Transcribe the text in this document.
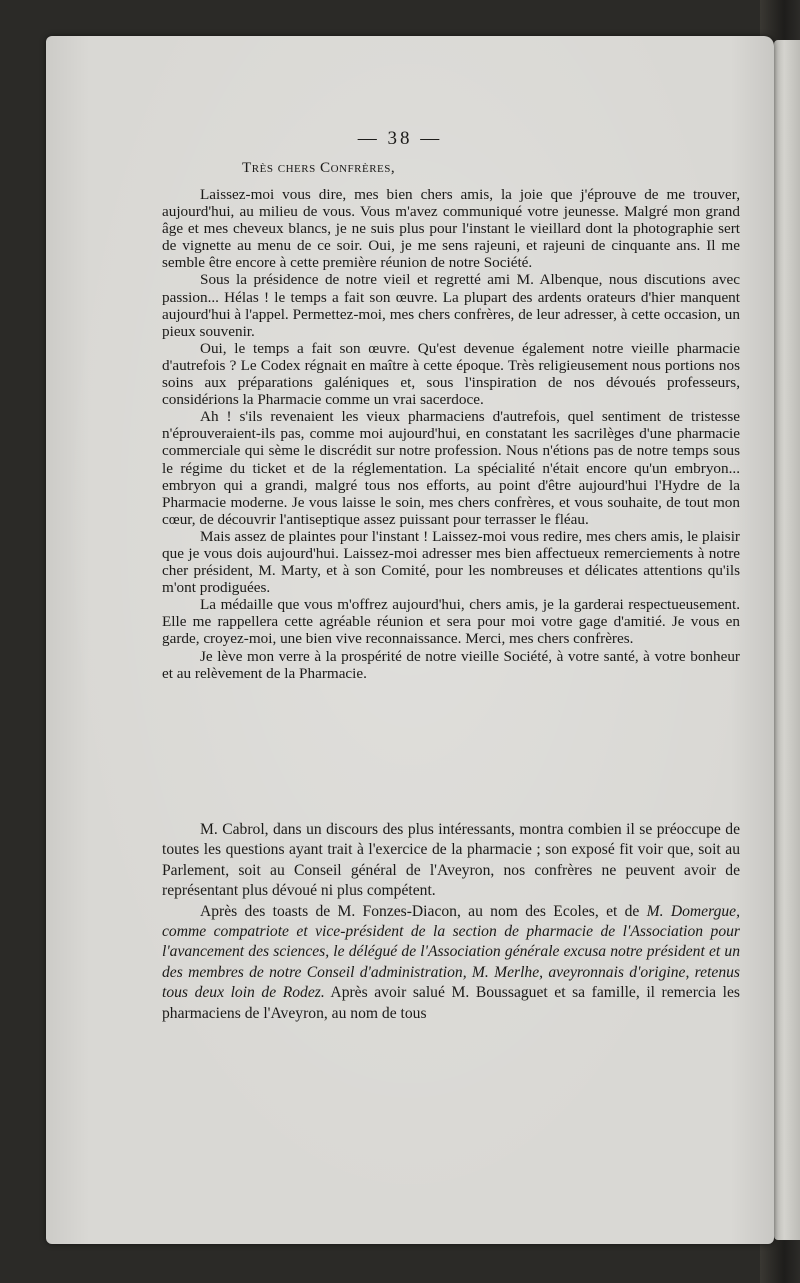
— 38 —
Très chers Confrères,

Laissez-moi vous dire, mes bien chers amis, la joie que j'éprouve de me trouver, aujourd'hui, au milieu de vous. Vous m'avez communiqué votre jeunesse. Malgré mon grand âge et mes cheveux blancs, je ne suis plus pour l'instant le vieillard dont la photographie sert de vignette au menu de ce soir. Oui, je me sens rajeuni, et rajeuni de cinquante ans. Il me semble être encore à cette première réunion de notre Société.

Sous la présidence de notre vieil et regretté ami M. Albenque, nous discutions avec passion... Hélas ! le temps a fait son œuvre. La plupart des ardents orateurs d'hier manquent aujourd'hui à l'appel. Permettez-moi, mes chers confrères, de leur adresser, à cette occasion, un pieux souvenir.

Oui, le temps a fait son œuvre. Qu'est devenue également notre vieille pharmacie d'autrefois ? Le Codex régnait en maître à cette époque. Très religieusement nous portions nos soins aux préparations galéniques et, sous l'inspiration de nos dévoués professeurs, considérions la Pharmacie comme un vrai sacerdoce.

Ah ! s'ils revenaient les vieux pharmaciens d'autrefois, quel sentiment de tristesse n'éprouveraient-ils pas, comme moi aujourd'hui, en constatant les sacrilèges d'une pharmacie commerciale qui sème le discrédit sur notre profession. Nous n'étions pas de notre temps sous le régime du ticket et de la réglementation. La spécialité n'était encore qu'un embryon... embryon qui a grandi, malgré tous nos efforts, au point d'être aujourd'hui l'Hydre de la Pharmacie moderne. Je vous laisse le soin, mes chers confrères, et vous souhaite, de tout mon cœur, de découvrir l'antiseptique assez puissant pour terrasser le fléau.

Mais assez de plaintes pour l'instant ! Laissez-moi vous redire, mes chers amis, le plaisir que je vous dois aujourd'hui. Laissez-moi adresser mes bien affectueux remerciements à notre cher président, M. Marty, et à son Comité, pour les nombreuses et délicates attentions qu'ils m'ont prodiguées.

La médaille que vous m'offrez aujourd'hui, chers amis, je la garderai respectueusement. Elle me rappellera cette agréable réunion et sera pour moi votre gage d'amitié. Je vous en garde, croyez-moi, une bien vive reconnaissance. Merci, mes chers confrères.

Je lève mon verre à la prospérité de notre vieille Société, à votre santé, à votre bonheur et au relèvement de la Pharmacie.

M. Cabrol, dans un discours des plus intéressants, montra combien il se préoccupe de toutes les questions ayant trait à l'exercice de la pharmacie ; son exposé fit voir que, soit au Parlement, soit au Conseil général de l'Aveyron, nos confrères ne peuvent avoir de représentant plus dévoué ni plus compétent.

Après des toasts de M. Fonzes-Diacon, au nom des Ecoles, et de M. Domergue, comme compatriote et vice-président de la section de pharmacie de l'Association pour l'avancement des sciences, le délégué de l'Association générale excusa notre président et un des membres de notre Conseil d'administration, M. Merlhe, aveyronnais d'origine, retenus tous deux loin de Rodez. Après avoir salué M. Boussaguet et sa famille, il remercia les pharmaciens de l'Aveyron, au nom de tous
